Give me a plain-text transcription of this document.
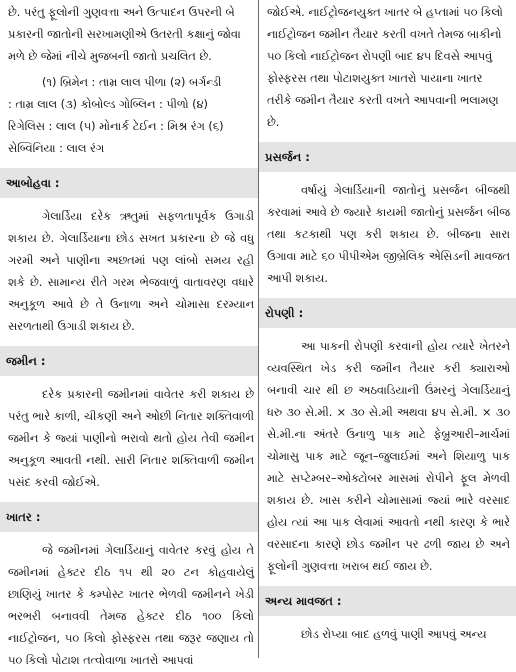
છે. પરંતુ ફૂલોની ગુણવત્તા અને ઉત્પાદન ઉપરની બે

પ્રકારની જાતોની સરખામણીએ ઉતરતી કક્ષાનું જોવા

મળે છે જેમાં નીચે મુજબની જાતો પ્રચલિત છે.

(૧) બ્રિમેન : તામ્ર લાલ પીળા (૨) બર્ગન્ડી

: તામ્ર લાલ (૩) કોબોલ્ડ ગોબ્લિન : પીળો (૪)

રિગેલિસ : લાલ (૫) મોનાર્ક ટેઈન : મિશ્ર રંગ (૬)

સેબ્વિનિયા : લાલ રંગ

આબોહવા :

ગેલાર્ડિયા દરેક ઋતુમાં સફળતાપૂર્વક ઉગાડી શકાય છે. ગેલાર્ડિયાના છોડ સખત પ્રકારના છે જે વધુ ગરમી અને પાણીના અછતમાં પણ લાંબો સમય રહી શકે છે. સામાન્ય રીતે ગરમ ભેજવાળું વાતાવરણ વધારે અનુકૂળ આવે છે તે ઉનાળા અને ચોમાસા દરમ્યાન સરળતાથી ઉગાડી શકાય છે.

જમીન :

દરેક પ્રકારની જમીનમાં વાવેતર કરી શકાય છે પરંતુ ભારે કાળી, ચીકણી અને ઓછી નિતાર શક્તિવાળી જમીન કે જ્યાં પાણીનો ભરાવો થતો હોય તેવી જમીન અનુકૂળ આવતી નથી. સારી નિતાર શક્તિવાળી જમીન પસંદ કરવી જોઈએ.

ખાતર :

જે જમીનમાં ગેલાર્ડિયાનું વાવેતર કરવું હોય તે જમીનમાં હેક્ટર દીઠ ૧૫ થી ૨૦ ટન કોહવાયેલું છાણિયું ખાતર કે કમ્પોસ્ટ ખાતર ભેળવી જમીનને ખેડી ભરભરી બનાવવી તેમજ હેક્ટર દીઠ ૧૦૦ કિલો નાઈટ્રોજન, ૫૦ કિલો ફોસ્ફરસ તથા જરૂર જણાય તો ૫૦ કિલો પોટાશ તત્વોવાળા ખાતરો આપવાં

જોઈએ. નાઈટ્રોજનયુક્ત ખાતર બે હપ્તામાં ૫૦ કિલો

નાઈટ્રોજન જમીન તૈયાર કરતી વખતે તેમજ બાકીનો

૫૦ કિલો નાઈટ્રોજન રોપણી બાદ ૪૫ દિવસે આપવું

ફોસ્ફરસ તથા પોટાશયુક્ત ખાતરો પાયાના ખાતર

તરીકે જમીન તૈયાર કરતી વખતે આપવાની ભલામણ

છે.

પ્રસર્જન :

વર્ષાયું ગેલાર્ડિયાની જાતોનું પ્રસર્જન બીજથી કરવામાં આવે છે જ્યારે કાયમી જાતોનું પ્રસર્જન બીજ તથા કટકાથી પણ કરી શકાય છે. બીજના સારા ઉગાવા માટે ૬૦ પીપીએમ જીબ્રેલિક એસિડની માવજત આપી શકાય.

રોપણી :

આ પાકની રોપણી કરવાની હોય ત્યારે ખેતરને વ્યવસ્થિત ખેડ કરી જમીન તૈયાર કરી ક્યારાઓ બનાવી ચાર થી છ અઠવાડિયાની ઉંમરનું ગેલાર્ડિયાનું ધરુ ૩૦ સે.મી. × ૩૦ સે.મી અથવા ૪૫ સે.મી. × ૩૦ સે.મી.ના અંતરે ઉનાળુ પાક માટે ફેબ્રુઆરી–માર્ચમાં ચોમાસુ પાક માટે જૂન–જુલાઈમાં અને શિયાળુ પાક માટે સપ્ટેમ્બર–ઓક્ટોબર માસમાં રોપીને ફૂલ મેળવી શકાય છે. ખાસ કરીને ચોમાસામાં જ્યાં ભારે વરસાદ હોય ત્યાં આ પાક લેવામાં આવતો નથી કારણ કે ભારે વરસાદના કારણે છોડ જમીન પર ઢળી જાય છે અને ફૂલોની ગુણવત્તા ખરાબ થઈ જાય છે.

અન્ય માવજત :

છોડ રોપ્યા બાદ હળવું પાણી આપવું અન્ય
